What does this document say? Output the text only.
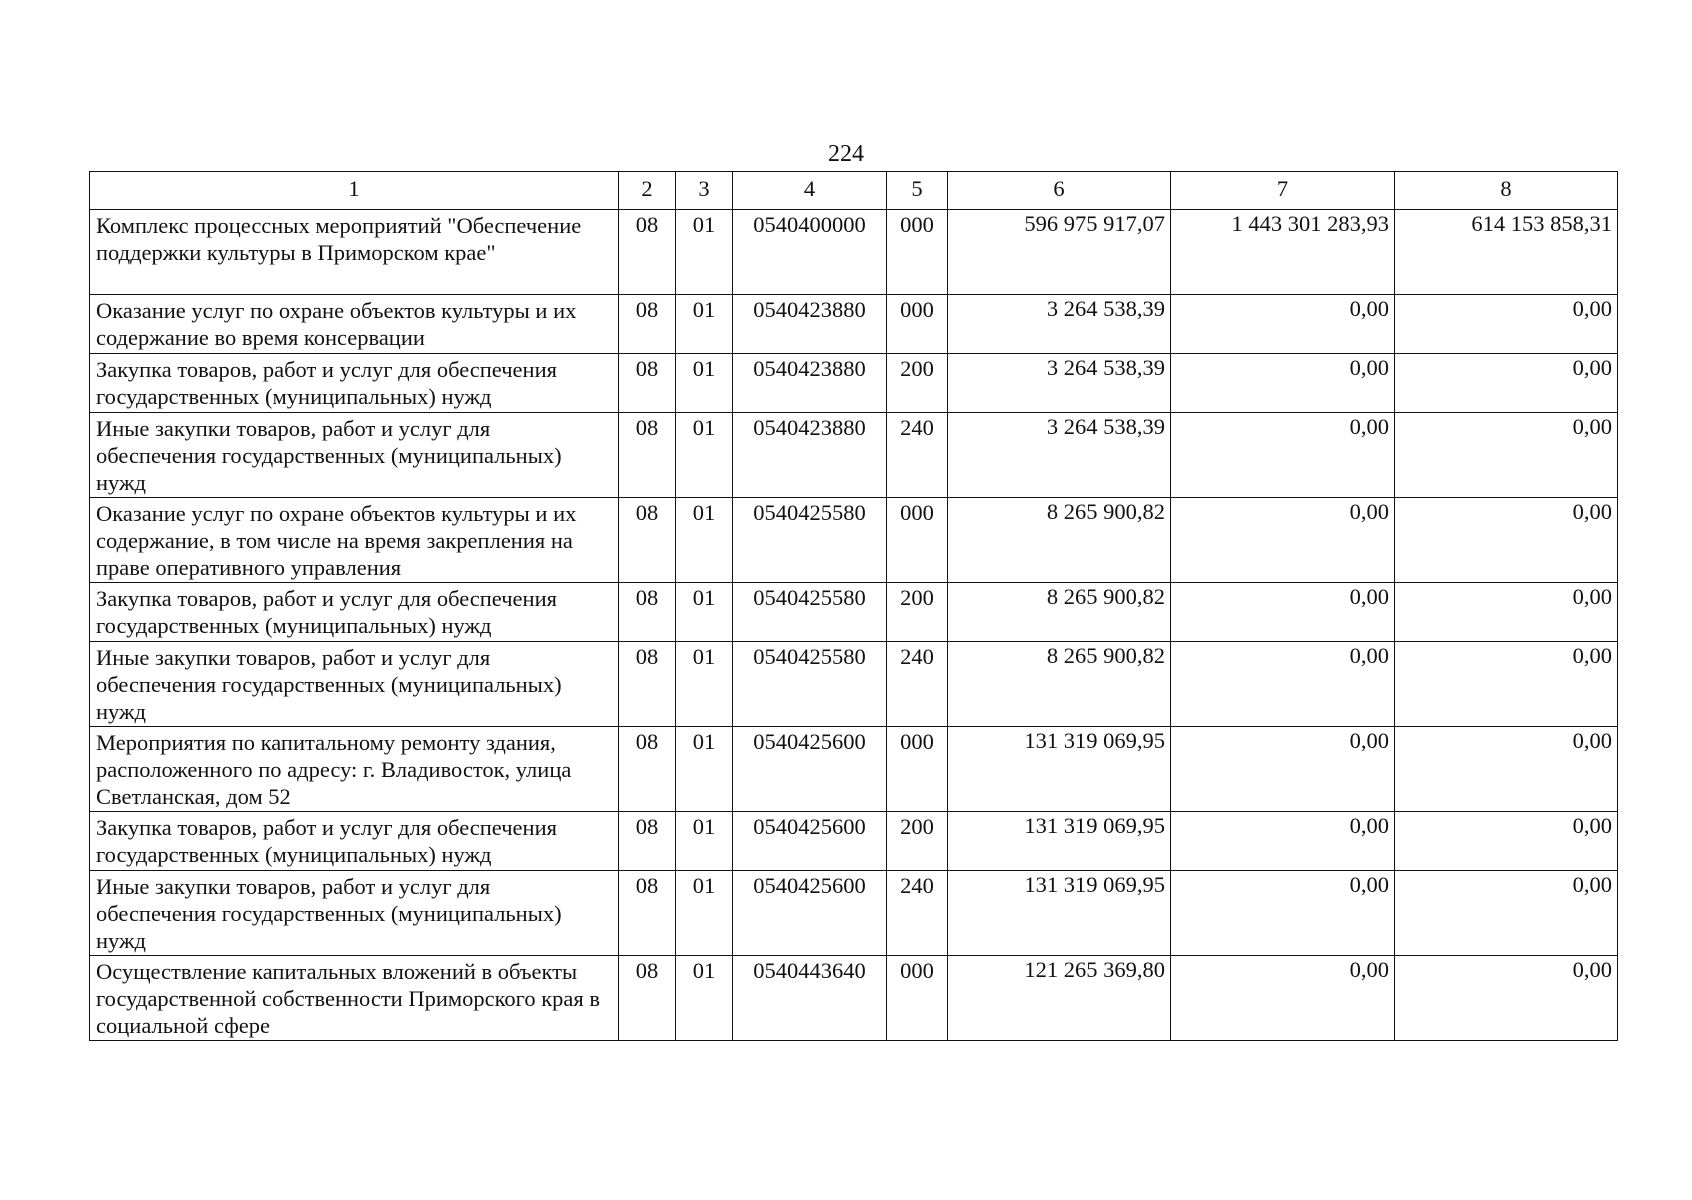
224
1	2	3	4	5	6	7	8
Комплекс процессных мероприятий "Обеспечение поддержки культуры в Приморском крае"	08	01	0540400000	000	596 975 917,07	1 443 301 283,93	614 153 858,31
Оказание услуг по охране объектов культуры и их содержание во время консервации	08	01	0540423880	000	3 264 538,39	0,00	0,00
Закупка товаров, работ и услуг для обеспечения государственных (муниципальных) нужд	08	01	0540423880	200	3 264 538,39	0,00	0,00
Иные закупки товаров, работ и услуг для обеспечения государственных (муниципальных) нужд	08	01	0540423880	240	3 264 538,39	0,00	0,00
Оказание услуг по охране объектов культуры и их содержание, в том числе на время закрепления на праве оперативного управления	08	01	0540425580	000	8 265 900,82	0,00	0,00
Закупка товаров, работ и услуг для обеспечения государственных (муниципальных) нужд	08	01	0540425580	200	8 265 900,82	0,00	0,00
Иные закупки товаров, работ и услуг для обеспечения государственных (муниципальных) нужд	08	01	0540425580	240	8 265 900,82	0,00	0,00
Мероприятия по капитальному ремонту здания, расположенного по адресу: г. Владивосток, улица Светланская, дом 52	08	01	0540425600	000	131 319 069,95	0,00	0,00
Закупка товаров, работ и услуг для обеспечения государственных (муниципальных) нужд	08	01	0540425600	200	131 319 069,95	0,00	0,00
Иные закупки товаров, работ и услуг для обеспечения государственных (муниципальных) нужд	08	01	0540425600	240	131 319 069,95	0,00	0,00
Осуществление капитальных вложений в объекты государственной собственности Приморского края в социальной сфере	08	01	0540443640	000	121 265 369,80	0,00	0,00
